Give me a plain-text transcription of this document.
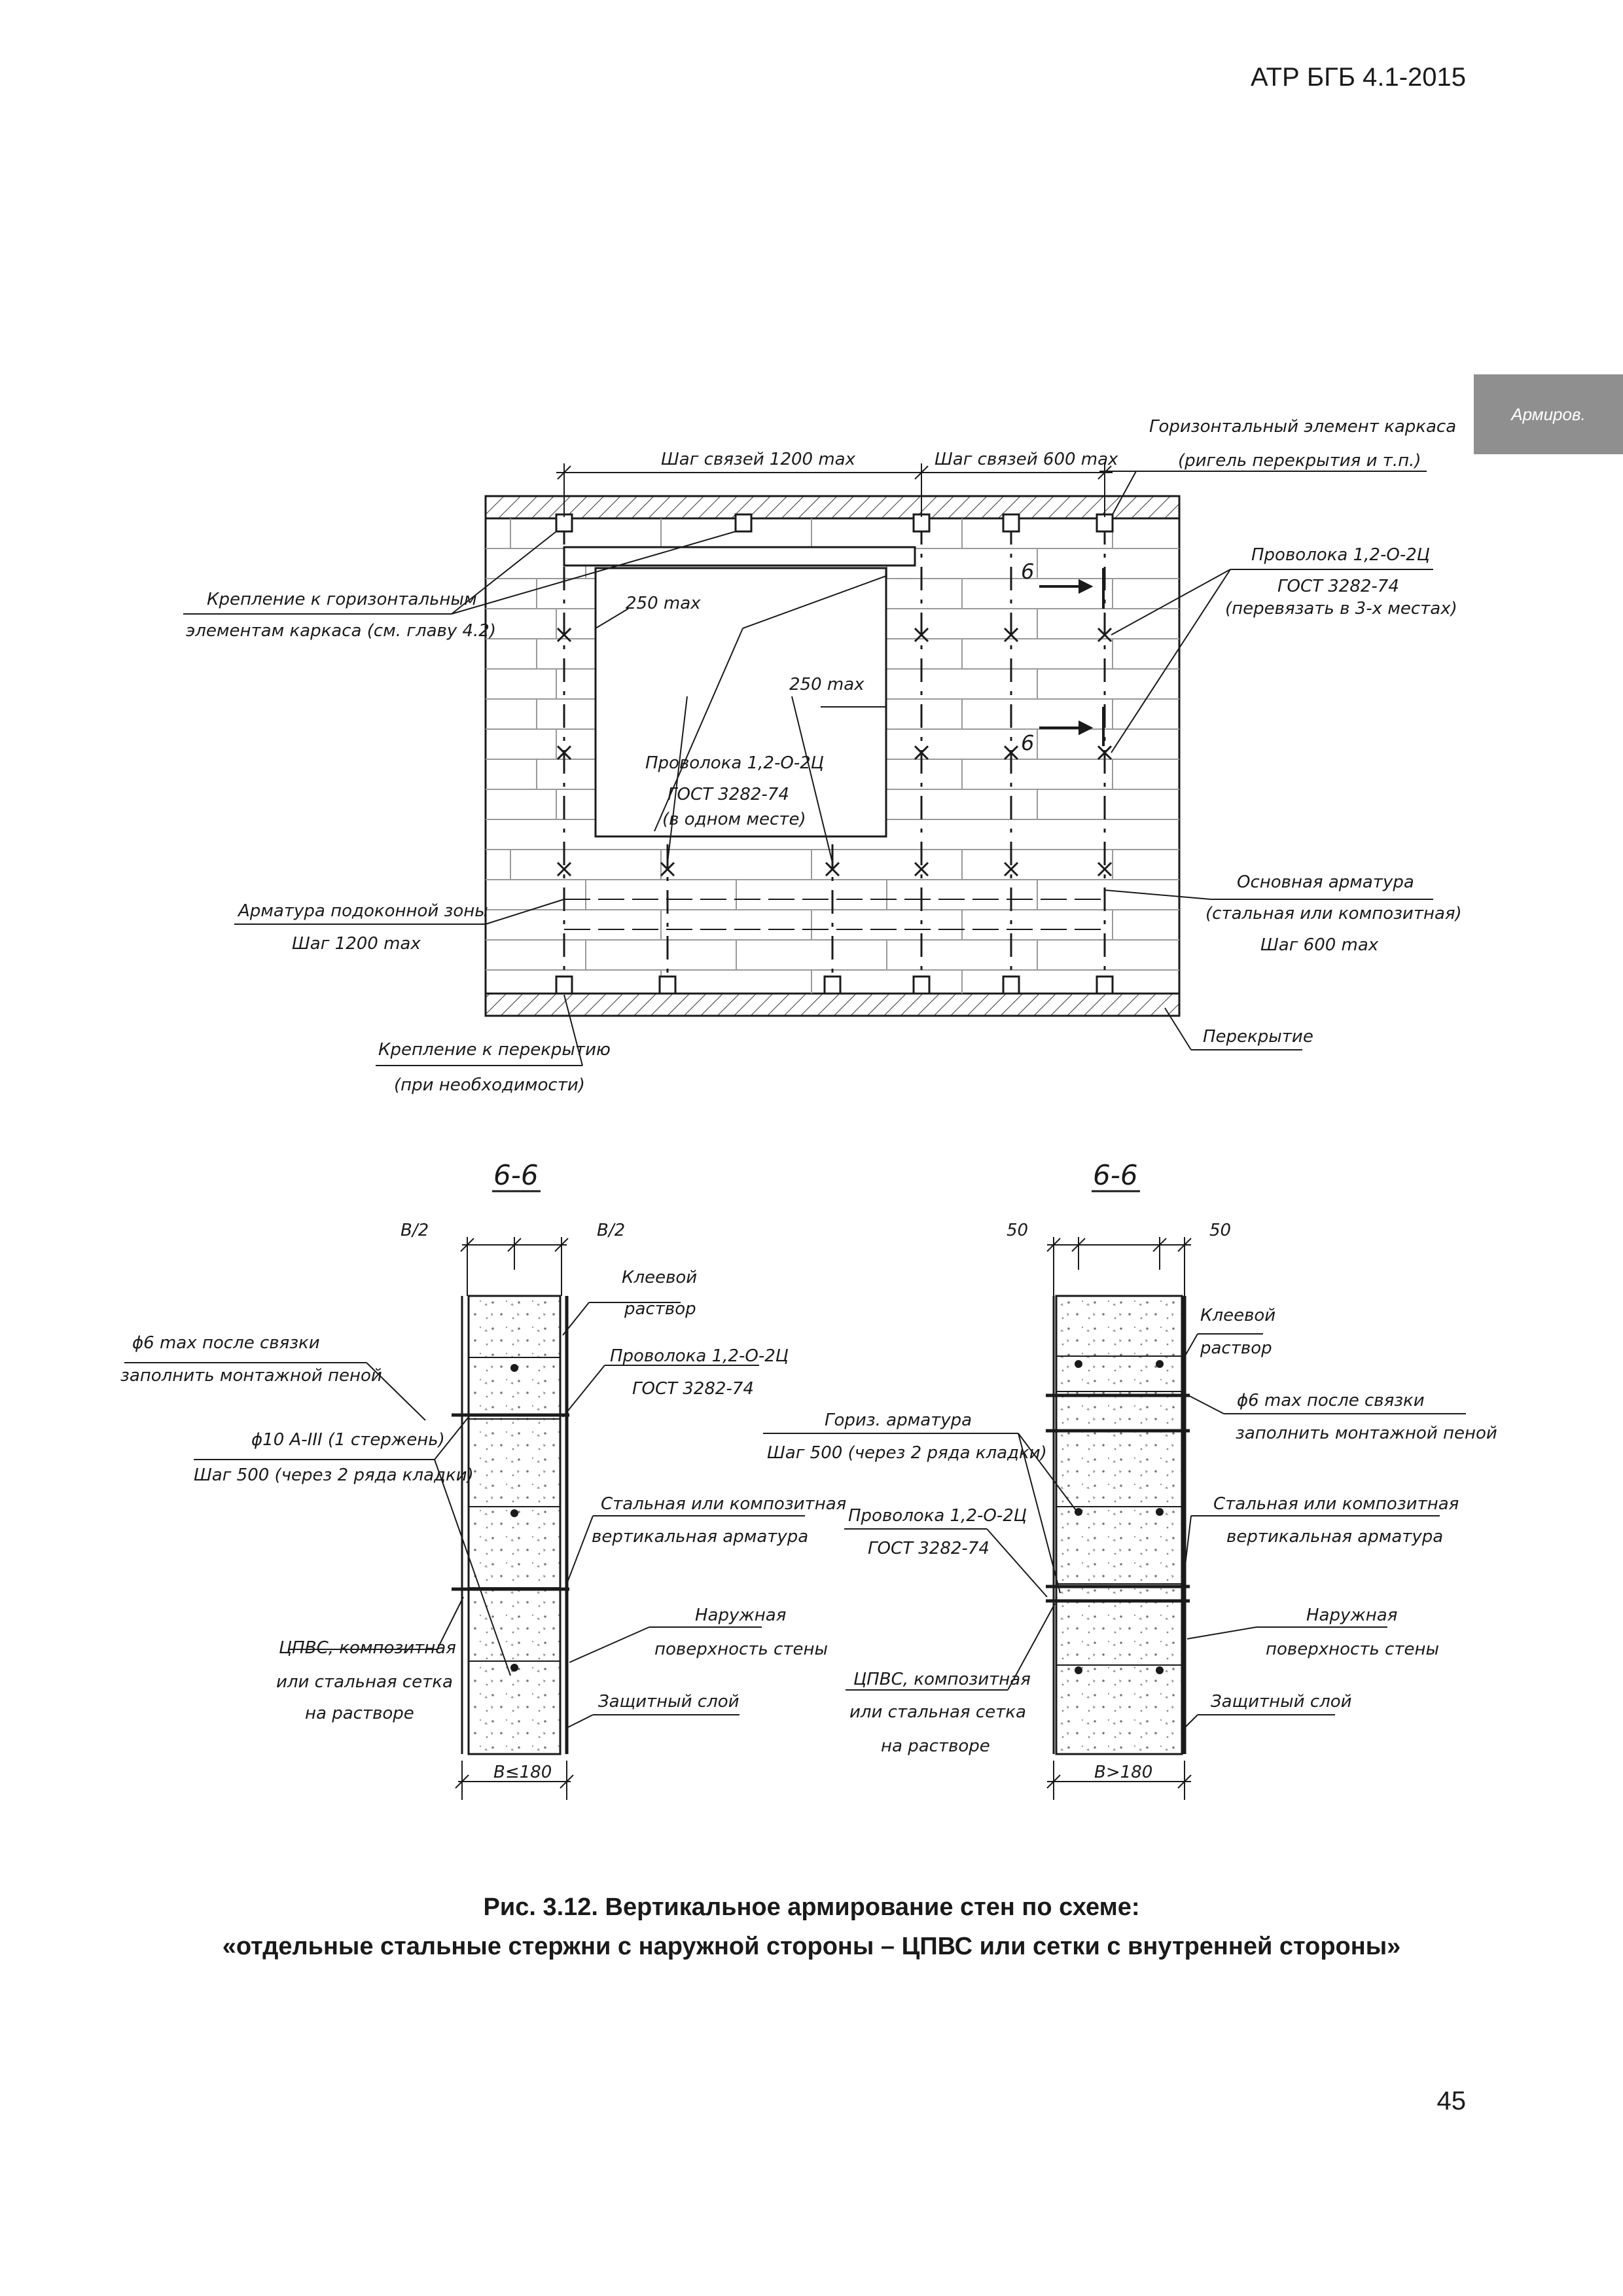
АТР БГБ 4.1-2015
Армиров.
Шаг связей 1200 max	Шаг связей 600 max
Горизонтальный элемент каркаса
(ригель перекрытия и т.п.)
Крепление к горизонтальным
элементам каркаса (см. главу 4.2)
250 max
250 max
Проволока 1,2-О-2Ц
ГОСТ 3282-74
(в одном месте)
Проволока 1,2-О-2Ц
ГОСТ 3282-74
(перевязать в 3-х местах)
6
6
Арматура подоконной зоны
Шаг 1200 max
Основная арматура
(стальная или композитная)
Шаг 600 max
Крепление к перекрытию
(при необходимости)
Перекрытие
6-6
B/2	B/2
Клеевой
раствор
ϕ6 max после связки
заполнить монтажной пеной
Проволока 1,2-О-2Ц
ГОСТ 3282-74
ϕ10 А-III (1 стержень)
Шаг 500 (через 2 ряда кладки)
Стальная или композитная
вертикальная арматура
Наружная
поверхность стены
ЦПВС, композитная
или стальная сетка
на растворе
Защитный слой
B≤180
6-6
50	50
Клеевой
раствор
ϕ6 max после связки
заполнить монтажной пеной
Гориз. арматура
Шаг 500 (через 2 ряда кладки)
Проволока 1,2-О-2Ц
ГОСТ 3282-74
Стальная или композитная
вертикальная арматура
Наружная
поверхность стены
ЦПВС, композитная
или стальная сетка
на растворе
Защитный слой
B>180
Рис. 3.12. Вертикальное армирование стен по схеме:
«отдельные стальные стержни с наружной стороны – ЦПВС или сетки с внутренней стороны»
45
